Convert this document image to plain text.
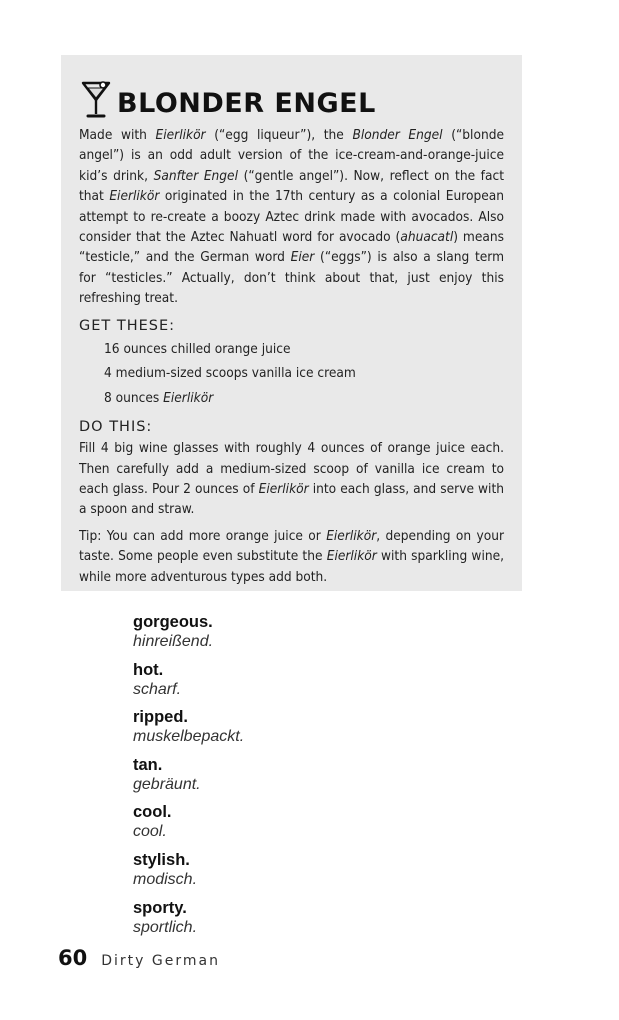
BLONDER ENGEL

Made with Eierlikör (“egg liqueur”), the Blonder Engel (“blonde angel”) is an odd adult version of the ice-cream-and-orange-juice kid’s drink, Sanfter Engel (“gentle angel”). Now, reflect on the fact that Eierlikör originated in the 17th century as a colonial European attempt to re-create a boozy Aztec drink made with avocados. Also consider that the Aztec Nahuatl word for avocado (ahuacatl) means “testicle,” and the German word Eier (“eggs”) is also a slang term for “testicles.” Actually, don’t think about that, just enjoy this refreshing treat.

GET THESE:
16 ounces chilled orange juice
4 medium-sized scoops vanilla ice cream
8 ounces Eierlikör
DO THIS:

Fill 4 big wine glasses with roughly 4 ounces of orange juice each. Then carefully add a medium-sized scoop of vanilla ice cream to each glass. Pour 2 ounces of Eierlikör into each glass, and serve with a spoon and straw.

Tip: You can add more orange juice or Eierlikör, depending on your taste. Some people even substitute the Eierlikör with sparkling wine, while more adventurous types add both.

gorgeous.
hinreißend.
hot.
scharf.
ripped.
muskelbepackt.
tan.
gebräunt.
cool.
cool.
stylish.
modisch.
sporty.
sportlich.
60 Dirty German
